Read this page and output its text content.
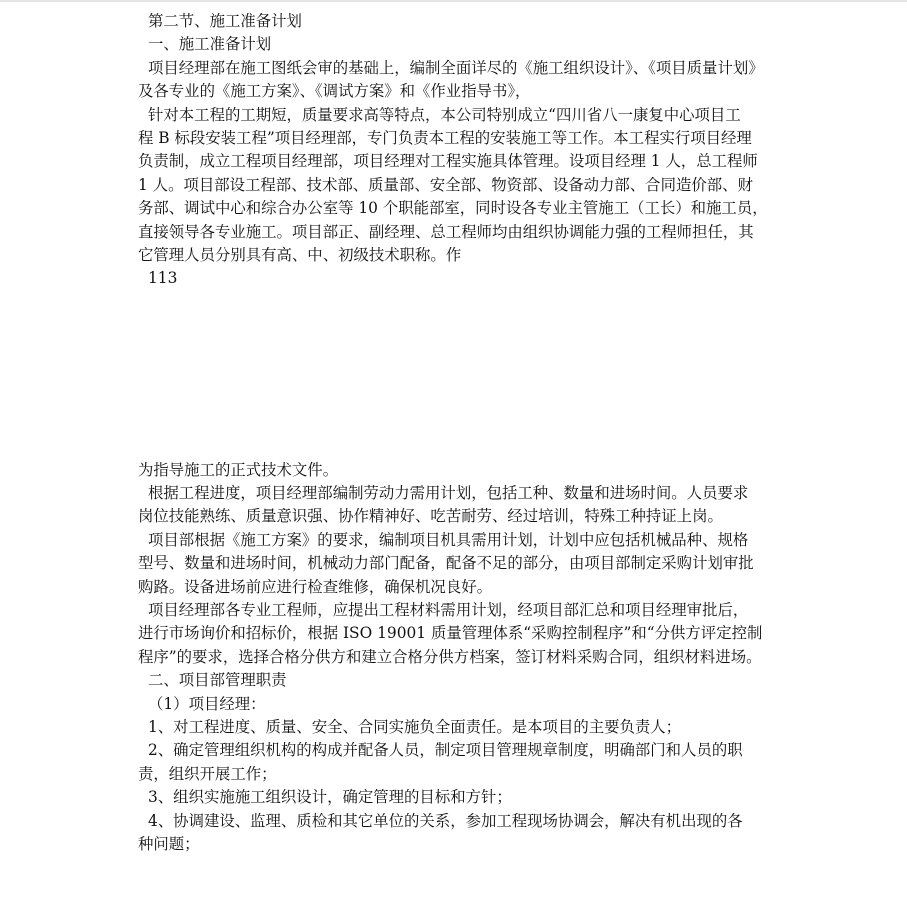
第二节、施工准备计划
一、施工准备计划
项目经理部在施工图纸会审的基础上，编制全面详尽的《施工组织设计》、《项目质量计划》
及各专业的《施工方案》、《调试方案》和《作业指导书》，
针对本工程的工期短，质量要求高等特点，本公司特别成立“四川省八一康复中心项目工
程 B 标段安装工程”项目经理部，专门负责本工程的安装施工等工作。本工程实行项目经理
负责制，成立工程项目经理部，项目经理对工程实施具体管理。设项目经理 1 人，总工程师
1 人。项目部设工程部、技术部、质量部、安全部、物资部、设备动力部、合同造价部、财
务部、调试中心和综合办公室等 10 个职能部室，同时设各专业主管施工（工长）和施工员，
直接领导各专业施工。项目部正、副经理、总工程师均由组织协调能力强的工程师担任，其
它管理人员分别具有高、中、初级技术职称。作
113
为指导施工的正式技术文件。
根据工程进度，项目经理部编制劳动力需用计划，包括工种、数量和进场时间。人员要求
岗位技能熟练、质量意识强、协作精神好、吃苦耐劳、经过培训，特殊工种持证上岗。
项目部根据《施工方案》的要求，编制项目机具需用计划，计划中应包括机械品种、规格
型号、数量和进场时间，机械动力部门配备，配备不足的部分，由项目部制定采购计划审批
购路。设备进场前应进行检查维修，确保机况良好。
项目经理部各专业工程师，应提出工程材料需用计划，经项目部汇总和项目经理审批后，
进行市场询价和招标价，根据 ISO 19001 质量管理体系“采购控制程序”和“分供方评定控制
程序”的要求，选择合格分供方和建立合格分供方档案，签订材料采购合同，组织材料进场。
二、项目部管理职责
（1）项目经理：
1、对工程进度、质量、安全、合同实施负全面责任。是本项目的主要负责人；
2、确定管理组织机构的构成并配备人员，制定项目管理规章制度，明确部门和人员的职
责，组织开展工作；
3、组织实施施工组织设计，确定管理的目标和方针；
4、协调建设、监理、质检和其它单位的关系，参加工程现场协调会，解决有机出现的各
种问题；
